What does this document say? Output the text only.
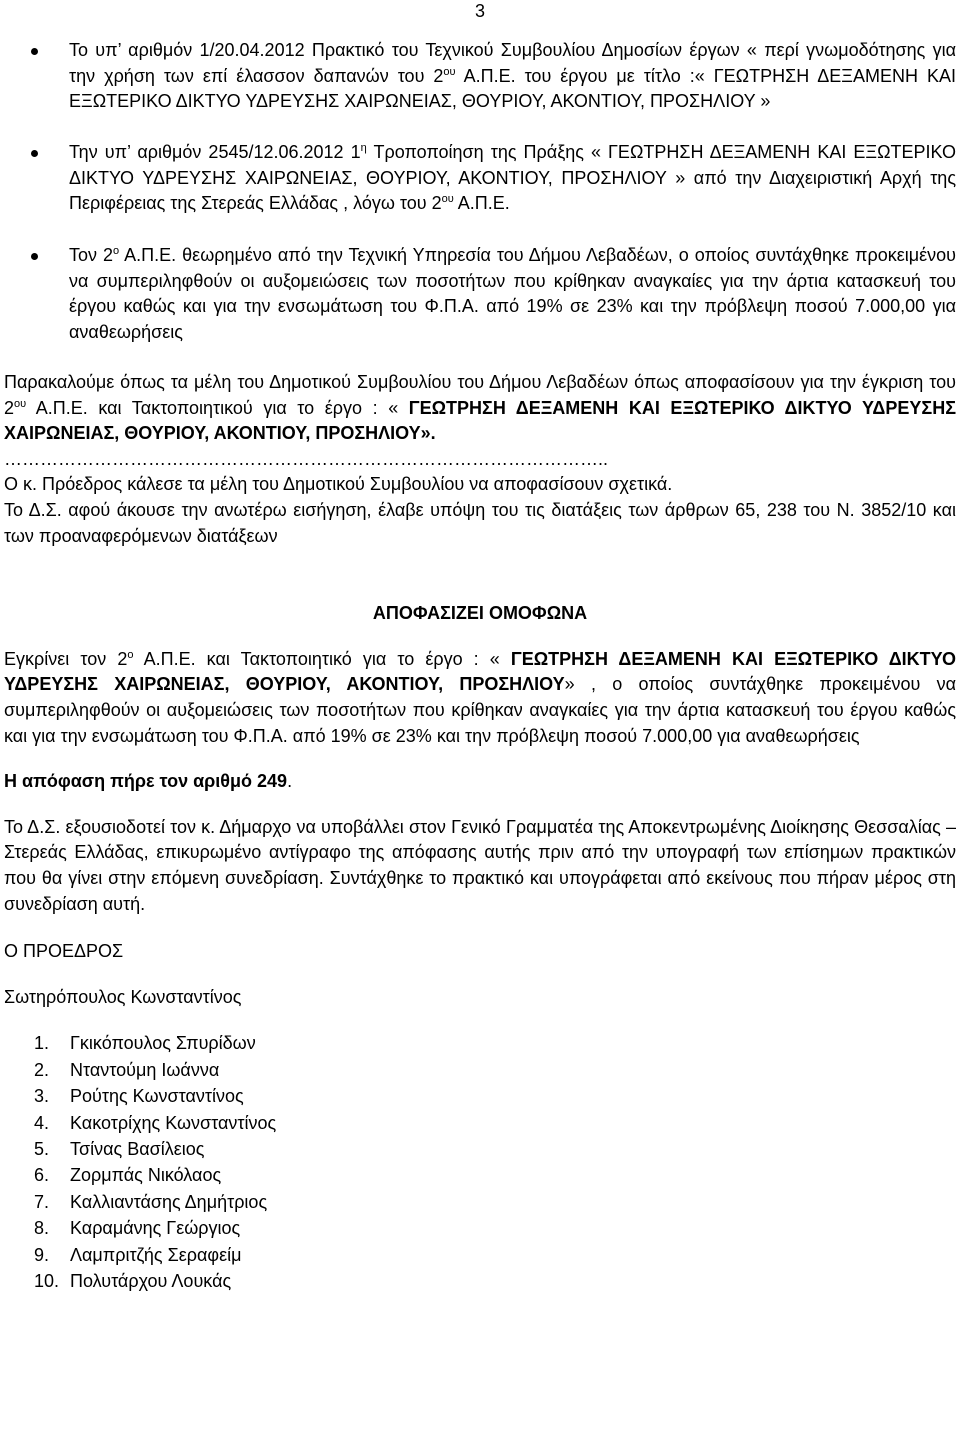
3
Το υπ’ αριθμόν 1/20.04.2012 Πρακτικό του Τεχνικού Συμβουλίου Δημοσίων έργων « περί γνωμοδότησης για την χρήση των επί έλασσον δαπανών του $2^{o\upsilon}$ Α.Π.Ε. του έργου με τίτλο :« ΓΕΩΤΡΗΣΗ ΔΕΞΑΜΕΝΗ ΚΑΙ ΕΞΩΤΕΡΙΚΟ ΔΙΚΤΥΟ ΥΔΡΕΥΣΗΣ ΧΑΙΡΩΝΕΙΑΣ, ΘΟΥΡΙΟΥ, ΑΚΟΝΤΙΟΥ, ΠΡΟΣΗΛΙΟΥ »
Την υπ’ αριθμόν 2545/12.06.2012 $1^\eta$ Τροποποίηση της Πράξης « ΓΕΩΤΡΗΣΗ ΔΕΞΑΜΕΝΗ ΚΑΙ ΕΞΩΤΕΡΙΚΟ ΔΙΚΤΥΟ ΥΔΡΕΥΣΗΣ ΧΑΙΡΩΝΕΙΑΣ, ΘΟΥΡΙΟΥ, ΑΚΟΝΤΙΟΥ, ΠΡΟΣΗΛΙΟΥ » από την Διαχειριστική Αρχή της Περιφέρειας της Στερεάς Ελλάδας , λόγω του $2^{o\upsilon}$ Α.Π.Ε.
Τον $2^o$ Α.Π.Ε. θεωρημένο από την Τεχνική Υπηρεσία του Δήμου Λεβαδέων, ο οποίος συντάχθηκε προκειμένου να συμπεριληφθούν οι αυξομειώσεις των ποσοτήτων που κρίθηκαν αναγκαίες για την άρτια κατασκευή του έργου καθώς και για την ενσωμάτωση του Φ.Π.Α. από 19% σε 23% και την πρόβλεψη ποσού 7.000,00 για αναθεωρήσεις

Παρακαλούμε όπως τα μέλη του Δημοτικού Συμβουλίου του Δήμου Λεβαδέων όπως αποφασίσουν για την έγκριση του $2^{o\upsilon}$ Α.Π.Ε. και Τακτοποιητικού για το έργο : « ΓΕΩΤΡΗΣΗ ΔΕΞΑΜΕΝΗ ΚΑΙ ΕΞΩΤΕΡΙΚΟ ΔΙΚΤΥΟ ΥΔΡΕΥΣΗΣ ΧΑΙΡΩΝΕΙΑΣ, ΘΟΥΡΙΟΥ, ΑΚΟΝΤΙΟΥ, ΠΡΟΣΗΛΙΟΥ».

………………………………………………………………………………………..

Ο κ. Πρόεδρος κάλεσε τα μέλη του Δημοτικού Συμβουλίου να αποφασίσουν σχετικά.

Το Δ.Σ. αφού άκουσε την ανωτέρω εισήγηση, έλαβε υπόψη του τις διατάξεις των άρθρων 65, 238 του Ν. 3852/10 και των προαναφερόμενων διατάξεων

ΑΠΟΦΑΣΙΖΕΙ ΟΜΟΦΩΝΑ

Εγκρίνει τον $2^o$ Α.Π.Ε. και Τακτοποιητικό για το έργο : « ΓΕΩΤΡΗΣΗ ΔΕΞΑΜΕΝΗ ΚΑΙ ΕΞΩΤΕΡΙΚΟ ΔΙΚΤΥΟ ΥΔΡΕΥΣΗΣ ΧΑΙΡΩΝΕΙΑΣ, ΘΟΥΡΙΟΥ, ΑΚΟΝΤΙΟΥ, ΠΡΟΣΗΛΙΟΥ» , ο οποίος συντάχθηκε προκειμένου να συμπεριληφθούν οι αυξομειώσεις των ποσοτήτων που κρίθηκαν αναγκαίες για την άρτια κατασκευή του έργου καθώς και για την ενσωμάτωση του Φ.Π.Α. από 19% σε 23% και την πρόβλεψη ποσού 7.000,00 για αναθεωρήσεις

Η απόφαση πήρε τον αριθμό 249.

Το Δ.Σ. εξουσιοδοτεί τον κ. Δήμαρχο να υποβάλλει στον Γενικό Γραμματέα της Αποκεντρωμένης Διοίκησης Θεσσαλίας – Στερεάς Ελλάδας, επικυρωμένο αντίγραφο της απόφασης αυτής πριν από την υπογραφή των επίσημων πρακτικών που θα γίνει στην επόμενη συνεδρίαση. Συντάχθηκε το πρακτικό και υπογράφεται από εκείνους που πήραν μέρος στη συνεδρίαση αυτή.

Ο ΠΡΟΕΔΡΟΣ

Σωτηρόπουλος Κωνσταντίνος

1. Γκικόπουλος Σπυρίδων
2. Νταντούμη Ιωάννα
3. Ρούτης Κωνσταντίνος
4. Κακοτρίχης Κωνσταντίνος
5. Τσίνας Βασίλειος
6. Ζορμπάς Νικόλαος
7. Καλλιαντάσης Δημήτριος
8. Καραμάνης Γεώργιος
9. Λαμπριτζής Σεραφείμ
10. Πολυτάρχου Λουκάς
